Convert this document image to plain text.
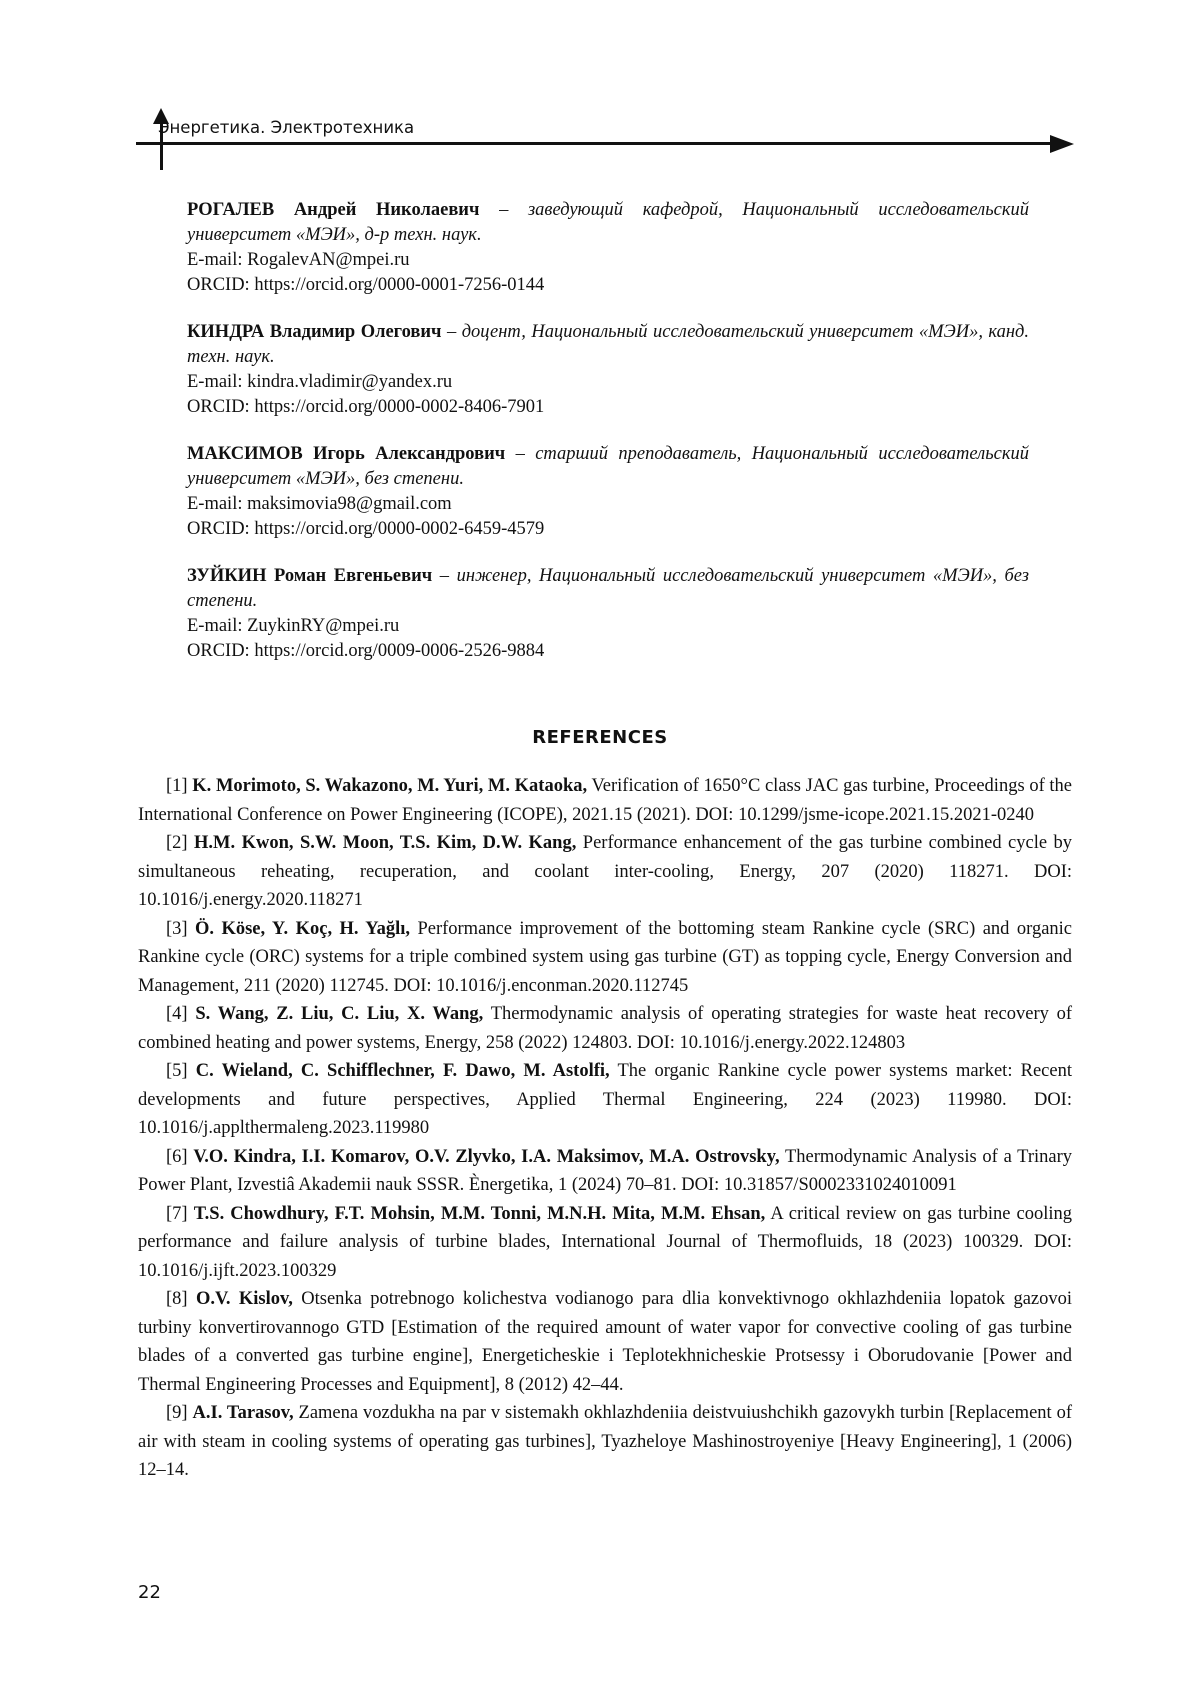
Энергетика. Электротехника

РОГАЛЕВ Андрей Николаевич – заведующий кафедрой, Национальный исследовательский университет «МЭИ», д-р техн. наук.

E-mail: RogalevAN@mpei.ru

ORCID: https://orcid.org/0000-0001-7256-0144

КИНДРА Владимир Олегович – доцент, Национальный исследовательский университет «МЭИ», канд. техн. наук.

E-mail: kindra.vladimir@yandex.ru

ORCID: https://orcid.org/0000-0002-8406-7901

МАКСИМОВ Игорь Александрович – старший преподаватель, Национальный исследовательский университет «МЭИ», без степени.

E-mail: maksimovia98@gmail.com

ORCID: https://orcid.org/0000-0002-6459-4579

ЗУЙКИН Роман Евгеньевич – инженер, Национальный исследовательский университет «МЭИ», без степени.

E-mail: ZuykinRY@mpei.ru

ORCID: https://orcid.org/0009-0006-2526-9884

REFERENCES

[1] K. Morimoto, S. Wakazono, M. Yuri, M. Kataoka, Verification of 1650°C class JAC gas turbine, Proceedings of the International Conference on Power Engineering (ICOPE), 2021.15 (2021). DOI: 10.1299/jsme-icope.2021.15.2021-0240

[2] H.M. Kwon, S.W. Moon, T.S. Kim, D.W. Kang, Performance enhancement of the gas turbine combined cycle by simultaneous reheating, recuperation, and coolant inter-cooling, Energy, 207 (2020) 118271. DOI: 10.1016/j.energy.2020.118271

[3] Ö. Köse, Y. Koç, H. Yağlı, Performance improvement of the bottoming steam Rankine cycle (SRC) and organic Rankine cycle (ORC) systems for a triple combined system using gas turbine (GT) as topping cycle, Energy Conversion and Management, 211 (2020) 112745. DOI: 10.1016/j.enconman.2020.112745

[4] S. Wang, Z. Liu, C. Liu, X. Wang, Thermodynamic analysis of operating strategies for waste heat recovery of combined heating and power systems, Energy, 258 (2022) 124803. DOI: 10.1016/j.energy.2022.124803

[5] C. Wieland, C. Schifflechner, F. Dawo, M. Astolfi, The organic Rankine cycle power systems market: Recent developments and future perspectives, Applied Thermal Engineering, 224 (2023) 119980. DOI: 10.1016/j.applthermaleng.2023.119980

[6] V.O. Kindra, I.I. Komarov, O.V. Zlyvko, I.A. Maksimov, M.A. Ostrovsky, Thermodynamic Analysis of a Trinary Power Plant, Izvestiâ Akademii nauk SSSR. Ènergetika, 1 (2024) 70–81. DOI: 10.31857/S0002331024010091

[7] T.S. Chowdhury, F.T. Mohsin, M.M. Tonni, M.N.H. Mita, M.M. Ehsan, A critical review on gas turbine cooling performance and failure analysis of turbine blades, International Journal of Thermofluids, 18 (2023) 100329. DOI: 10.1016/j.ijft.2023.100329

[8] O.V. Kislov, Otsenka potrebnogo kolichestva vodianogo para dlia konvektivnogo okhlazhdeniia lopatok gazovoi turbiny konvertirovannogo GTD [Estimation of the required amount of water vapor for convective cooling of gas turbine blades of a converted gas turbine engine], Energeticheskie i Teplotekhnicheskie Protsessy i Oborudovanie [Power and Thermal Engineering Processes and Equipment], 8 (2012) 42–44.

[9] A.I. Tarasov, Zamena vozdukha na par v sistemakh okhlazhdeniia deistvuiushchikh gazovykh turbin [Replacement of air with steam in cooling systems of operating gas turbines], Tyazheloye Mashinostroyeniye [Heavy Engineering], 1 (2006) 12–14.

22
